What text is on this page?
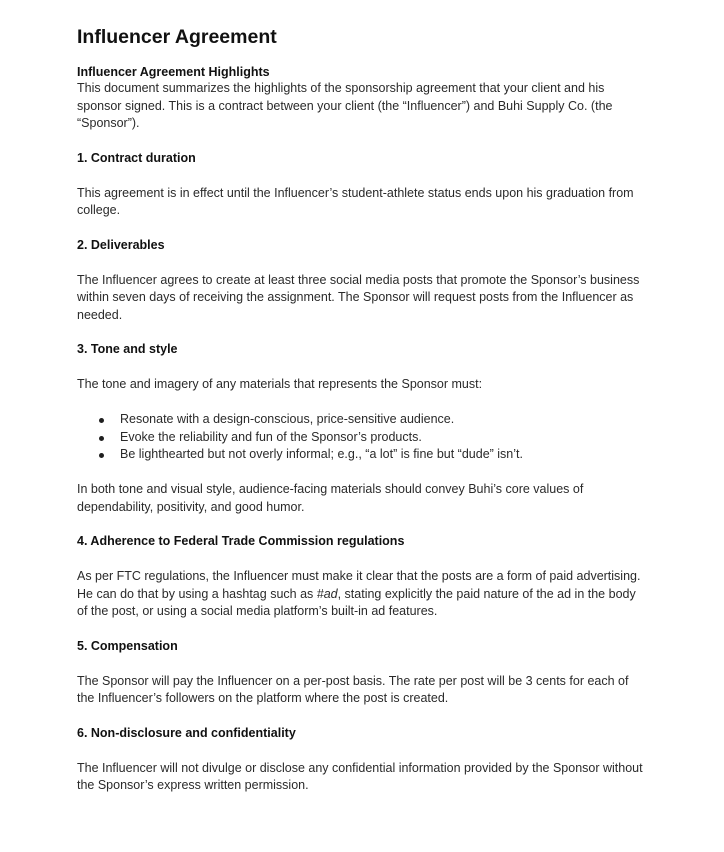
Influencer Agreement
Influencer Agreement Highlights

This document summarizes the highlights of the sponsorship agreement that your client and his sponsor signed. This is a contract between your client (the “Influencer”) and Buhi Supply Co. (the “Sponsor”).

1. Contract duration

This agreement is in effect until the Influencer’s student-athlete status ends upon his graduation from college.

2. Deliverables

The Influencer agrees to create at least three social media posts that promote the Sponsor’s business within seven days of receiving the assignment. The Sponsor will request posts from the Influencer as needed.

3. Tone and style

The tone and imagery of any materials that represents the Sponsor must:

Resonate with a design-conscious, price-sensitive audience.
Evoke the reliability and fun of the Sponsor’s products.
Be lighthearted but not overly informal; e.g., “a lot” is fine but “dude” isn’t.

In both tone and visual style, audience-facing materials should convey Buhi’s core values of dependability, positivity, and good humor.

4. Adherence to Federal Trade Commission regulations

As per FTC regulations, the Influencer must make it clear that the posts are a form of paid advertising. He can do that by using a hashtag such as #ad, stating explicitly the paid nature of the ad in the body of the post, or using a social media platform’s built-in ad features.

5. Compensation

The Sponsor will pay the Influencer on a per-post basis. The rate per post will be 3 cents for each of the Influencer’s followers on the platform where the post is created.

6. Non-disclosure and confidentiality

The Influencer will not divulge or disclose any confidential information provided by the Sponsor without the Sponsor’s express written permission.
